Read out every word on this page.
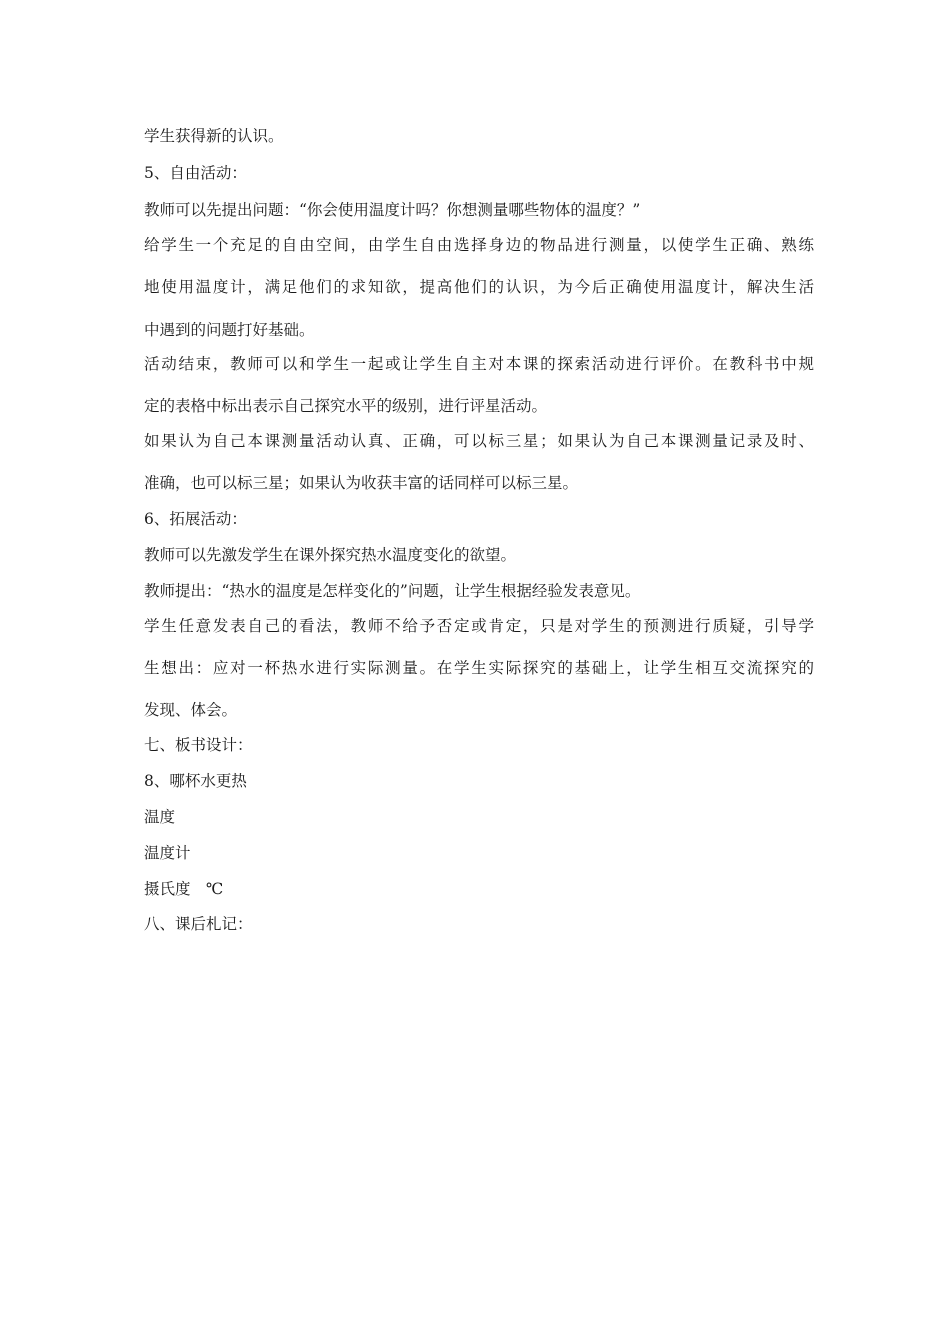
学生获得新的认识。
5、自由活动：
教师可以先提出问题：“你会使用温度计吗？你想测量哪些物体的温度？”
给学生一个充足的自由空间，由学生自由选择身边的物品进行测量，以使学生正确、熟练
地使用温度计，满足他们的求知欲，提高他们的认识，为今后正确使用温度计，解决生活
中遇到的问题打好基础。
活动结束，教师可以和学生一起或让学生自主对本课的探索活动进行评价。在教科书中规
定的表格中标出表示自己探究水平的级别，进行评星活动。
如果认为自己本课测量活动认真、正确，可以标三星；如果认为自己本课测量记录及时、
准确，也可以标三星；如果认为收获丰富的话同样可以标三星。
6、拓展活动：
教师可以先激发学生在课外探究热水温度变化的欲望。
教师提出：“热水的温度是怎样变化的”问题，让学生根据经验发表意见。
学生任意发表自己的看法，教师不给予否定或肯定，只是对学生的预测进行质疑，引导学
生想出：应对一杯热水进行实际测量。在学生实际探究的基础上，让学生相互交流探究的
发现、体会。
七、板书设计：
8、哪杯水更热
温度
温度计
摄氏度　℃
八、课后札记：
